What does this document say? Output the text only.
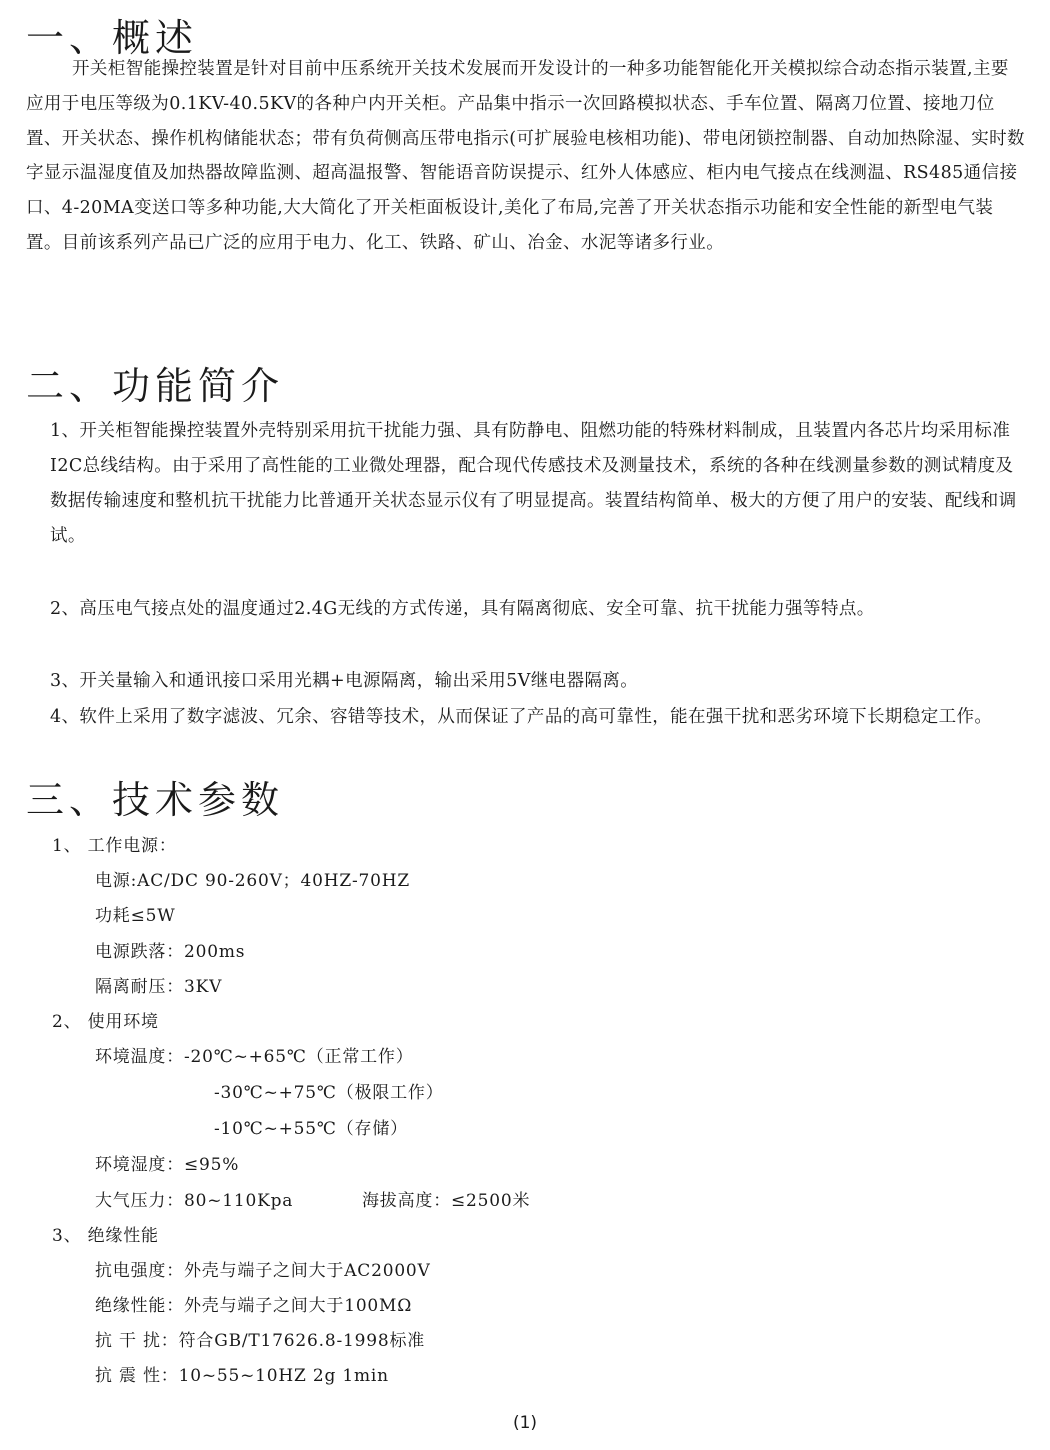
一、概述

开关柜智能操控装置是针对目前中压系统开关技术发展而开发设计的一种多功能智能化开关模拟综合动态指示装置,主要应用于电压等级为0.1KV-40.5KV的各种户内开关柜。产品集中指示一次回路模拟状态、手车位置、隔离刀位置、接地刀位置、开关状态、操作机构储能状态；带有负荷侧高压带电指示(可扩展验电核相功能)、带电闭锁控制器、自动加热除湿、实时数字显示温湿度值及加热器故障监测、超高温报警、智能语音防误提示、红外人体感应、柜内电气接点在线测温、RS485通信接口、4-20MA变送口等多种功能,大大简化了开关柜面板设计,美化了布局,完善了开关状态指示功能和安全性能的新型电气装置。目前该系列产品已广泛的应用于电力、化工、铁路、矿山、冶金、水泥等诸多行业。

二、功能简介

1、开关柜智能操控装置外壳特别采用抗干扰能力强、具有防静电、阻燃功能的特殊材料制成，且装置内各芯片均采用标准I2C总线结构。由于采用了高性能的工业微处理器，配合现代传感技术及测量技术，系统的各种在线测量参数的测试精度及数据传输速度和整机抗干扰能力比普通开关状态显示仪有了明显提高。装置结构简单、极大的方便了用户的安装、配线和调试。

2、高压电气接点处的温度通过2.4G无线的方式传递，具有隔离彻底、安全可靠、抗干扰能力强等特点。

3、开关量输入和通讯接口采用光耦+电源隔离，输出采用5V继电器隔离。

4、软件上采用了数字滤波、冗余、容错等技术，从而保证了产品的高可靠性，能在强干扰和恶劣环境下长期稳定工作。

三、技术参数
1、 工作电源：
电源:AC/DC 90-260V；40HZ-70HZ
功耗≤5W
电源跌落：200ms
隔离耐压：3KV
2、 使用环境
环境温度：-20℃~+65℃（正常工作）
-30℃~+75℃（极限工作）
-10℃~+55℃（存储）
环境湿度：≤95%
大气压力：80~110Kpa	海拔高度：≤2500米
3、 绝缘性能
抗电强度：外壳与端子之间大于AC2000V
绝缘性能：外壳与端子之间大于100MΩ
抗 干 扰：符合GB/T17626.8-1998标准
抗 震 性：10~55~10HZ 2g 1min
(1)
